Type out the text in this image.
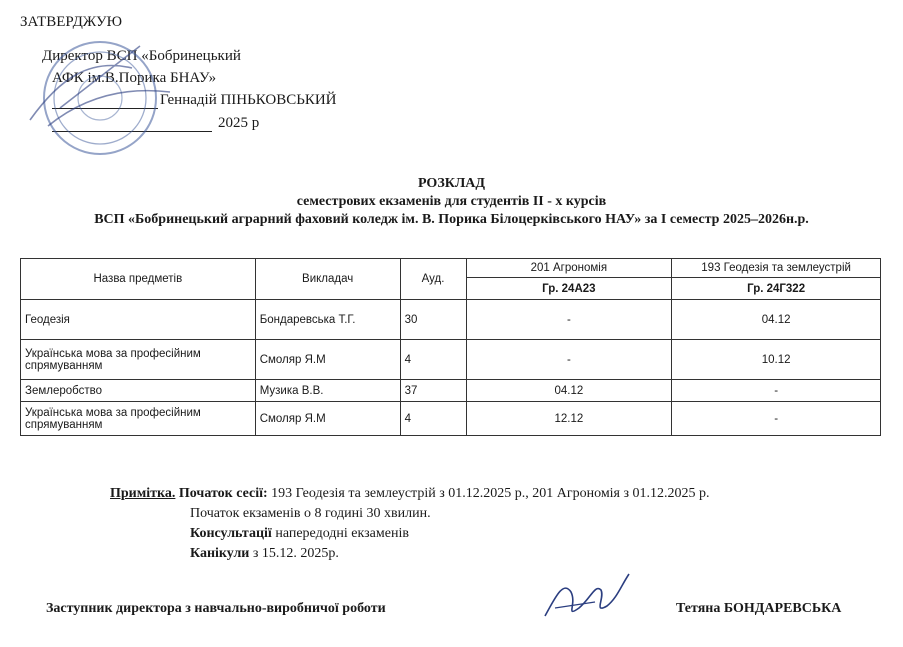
ЗАТВЕРДЖУЮ
Директор ВСП «Бобринецький
АФК ім.В.Порика БНАУ»
Геннадій ПІНЬКОВСЬКИЙ
2025 р
РОЗКЛАД
семестрових екзаменів для студентів ІІ - х курсів
ВСП «Бобринецький аграрний фаховий коледж ім. В. Порика Білоцерківського НАУ» за І семестр 2025–2026н.р.
Назва предметів	Викладач	Ауд.	201 Агрономія	193 Геодезія та землеустрій
			Гр. 24А23	Гр. 24Г322
Геодезія	Бондаревська Т.Г.	30	-	04.12
Українська мова за професійним спрямуванням	Смоляр Я.М	4	-	10.12
Землеробство	Музика В.В.	37	04.12	-
Українська мова за професійним спрямуванням	Смоляр Я.М	4	12.12	-
Примітка. Початок сесії: 193 Геодезія та землеустрій з 01.12.2025 р., 201 Агрономія з 01.12.2025 р.
Початок екзаменів о 8 годині 30 хвилин.
Консультації напередодні екзаменів
Канікули з 15.12. 2025р.
Заступник директора з навчально-виробничої роботи	Тетяна БОНДАРЕВСЬКА
